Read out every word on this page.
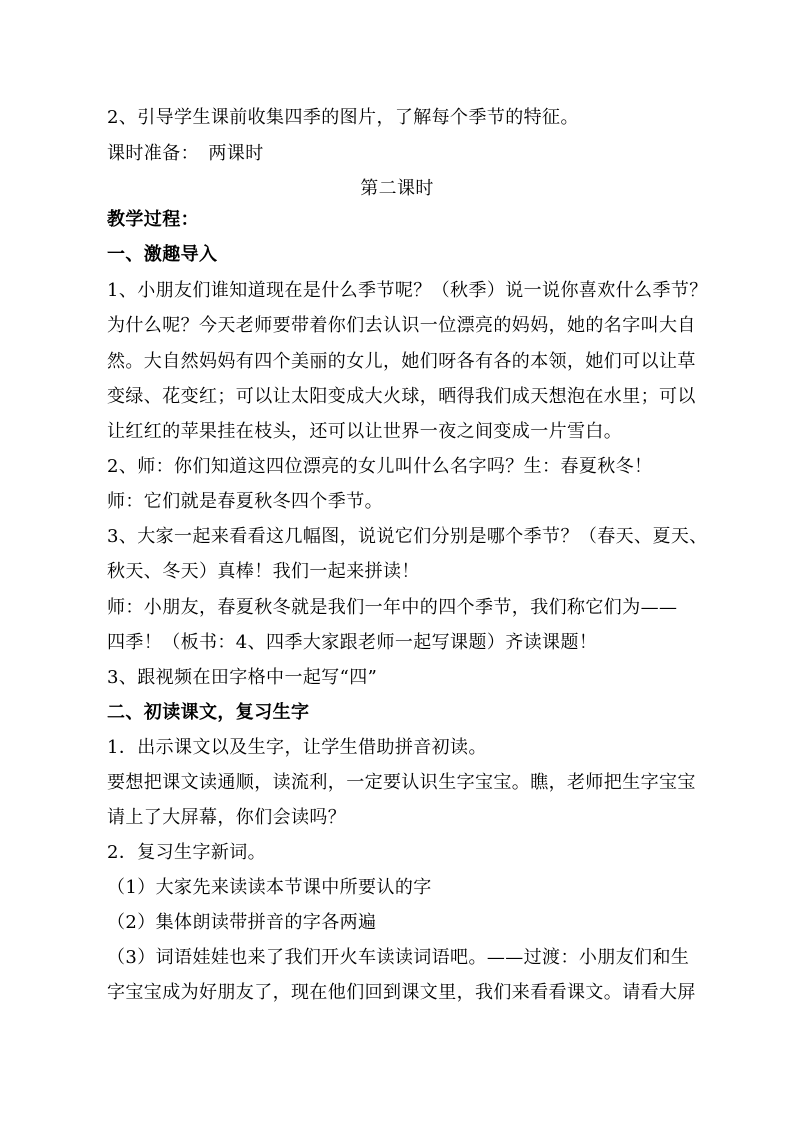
2、引导学生课前收集四季的图片，了解每个季节的特征。
课时准备：　两课时
第二课时
教学过程：
一、激趣导入
1、小朋友们谁知道现在是什么季节呢？（秋季）说一说你喜欢什么季节？
为什么呢？今天老师要带着你们去认识一位漂亮的妈妈，她的名字叫大自
然。大自然妈妈有四个美丽的女儿，她们呀各有各的本领，她们可以让草
变绿、花变红；可以让太阳变成大火球，晒得我们成天想泡在水里；可以
让红红的苹果挂在枝头，还可以让世界一夜之间变成一片雪白。
2、师：你们知道这四位漂亮的女儿叫什么名字吗？生：春夏秋冬！
师：它们就是春夏秋冬四个季节。
3、大家一起来看看这几幅图，说说它们分别是哪个季节？（春天、夏天、
秋天、冬天）真棒！我们一起来拼读！
师：小朋友，春夏秋冬就是我们一年中的四个季节，我们称它们为——
四季！（板书：4、四季大家跟老师一起写课题）齐读课题！
3、跟视频在田字格中一起写“四”
二、初读课文，复习生字
1．出示课文以及生字，让学生借助拼音初读。
要想把课文读通顺，读流利，一定要认识生字宝宝。瞧，老师把生字宝宝
请上了大屏幕，你们会读吗？
2．复习生字新词。
（1）大家先来读读本节课中所要认的字
（2）集体朗读带拼音的字各两遍
（3）词语娃娃也来了我们开火车读读词语吧。——过渡：小朋友们和生
字宝宝成为好朋友了，现在他们回到课文里，我们来看看课文。请看大屏
